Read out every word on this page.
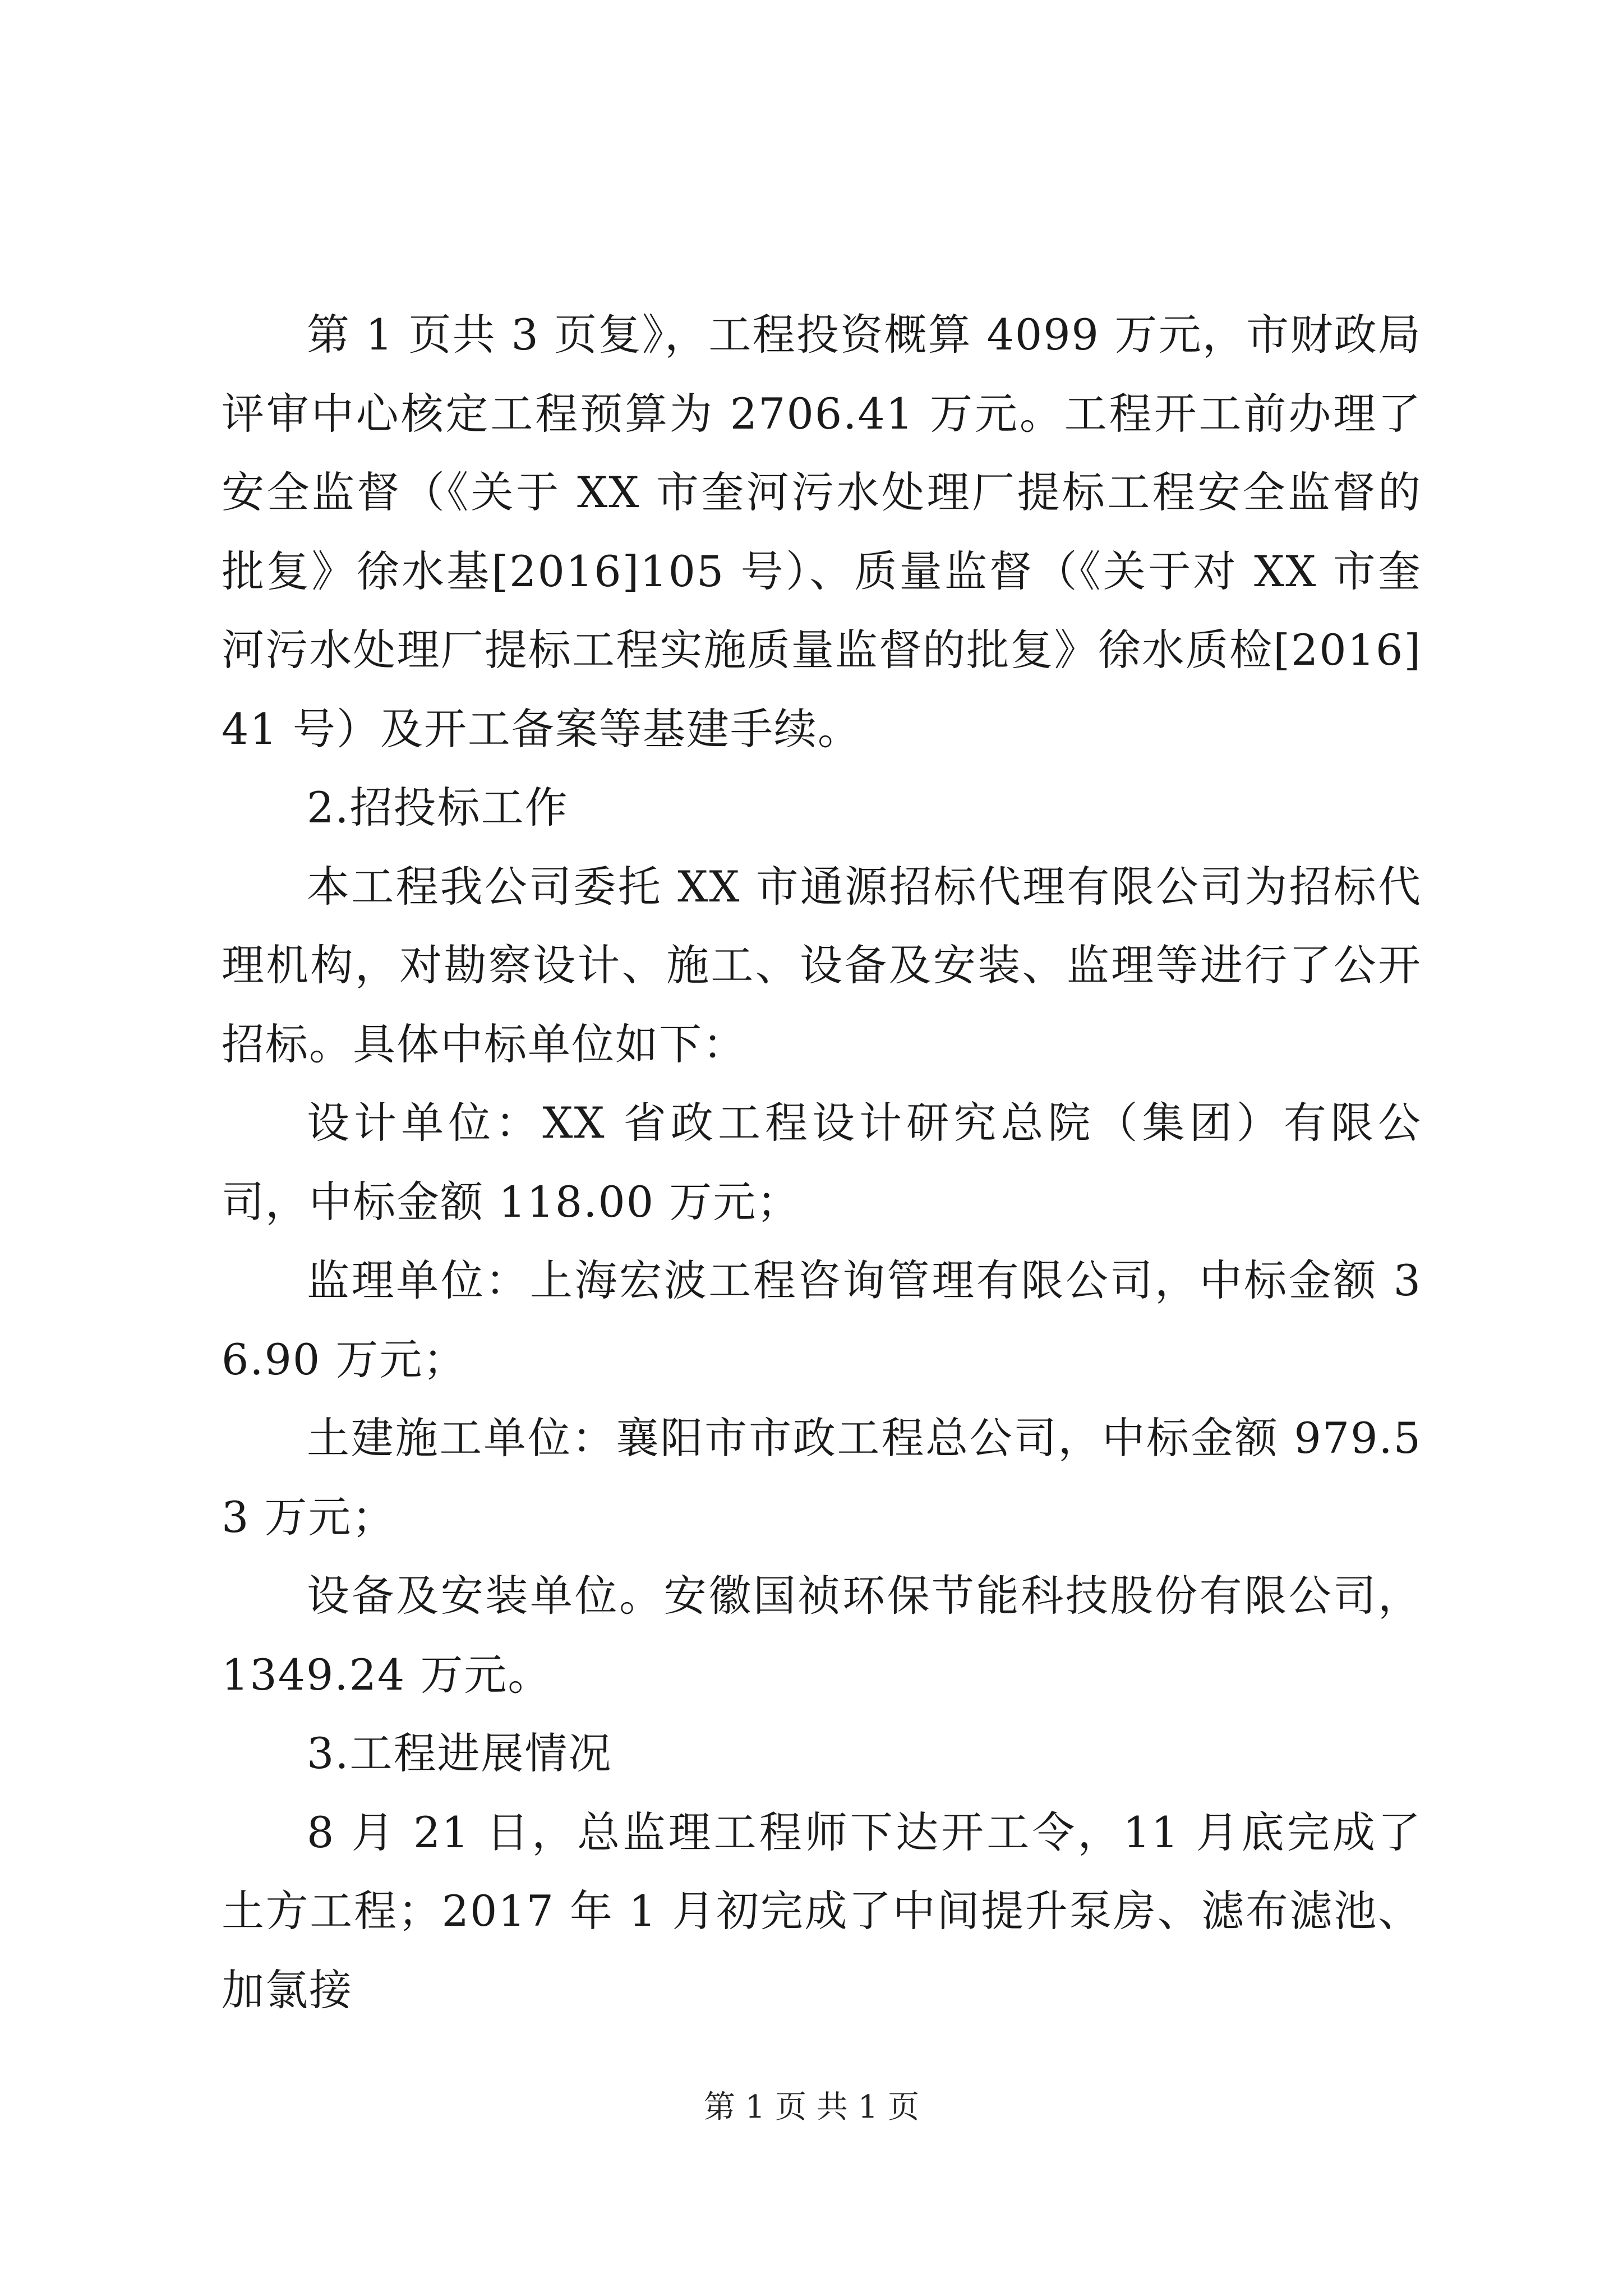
第 1 页共 3 页复》，工程投资概算 4099 万元，市财政局评审中心核定工程预算为 2706.41 万元。工程开工前办理了安全监督（《关于 XX 市奎河污水处理厂提标工程安全监督的批复》徐水基[2016]105 号）、质量监督（《关于对 XX 市奎河污水处理厂提标工程实施质量监督的批复》徐水质检[2016]41 号）及开工备案等基建手续。

2.招投标工作

本工程我公司委托 XX 市通源招标代理有限公司为招标代理机构，对勘察设计、施工、设备及安装、监理等进行了公开招标。具体中标单位如下：

设计单位：XX 省政工程设计研究总院（集团）有限公司，中标金额 118.00 万元；

监理单位：上海宏波工程咨询管理有限公司，中标金额 36.90 万元；

土建施工单位：襄阳市市政工程总公司，中标金额 979.53 万元；

设备及安装单位。安徽国祯环保节能科技股份有限公司，1349.24 万元。

3.工程进展情况

8 月 21 日，总监理工程师下达开工令，11 月底完成了土方工程；2017 年 1 月初完成了中间提升泵房、滤布滤池、加氯接

第 1 页 共 1 页
